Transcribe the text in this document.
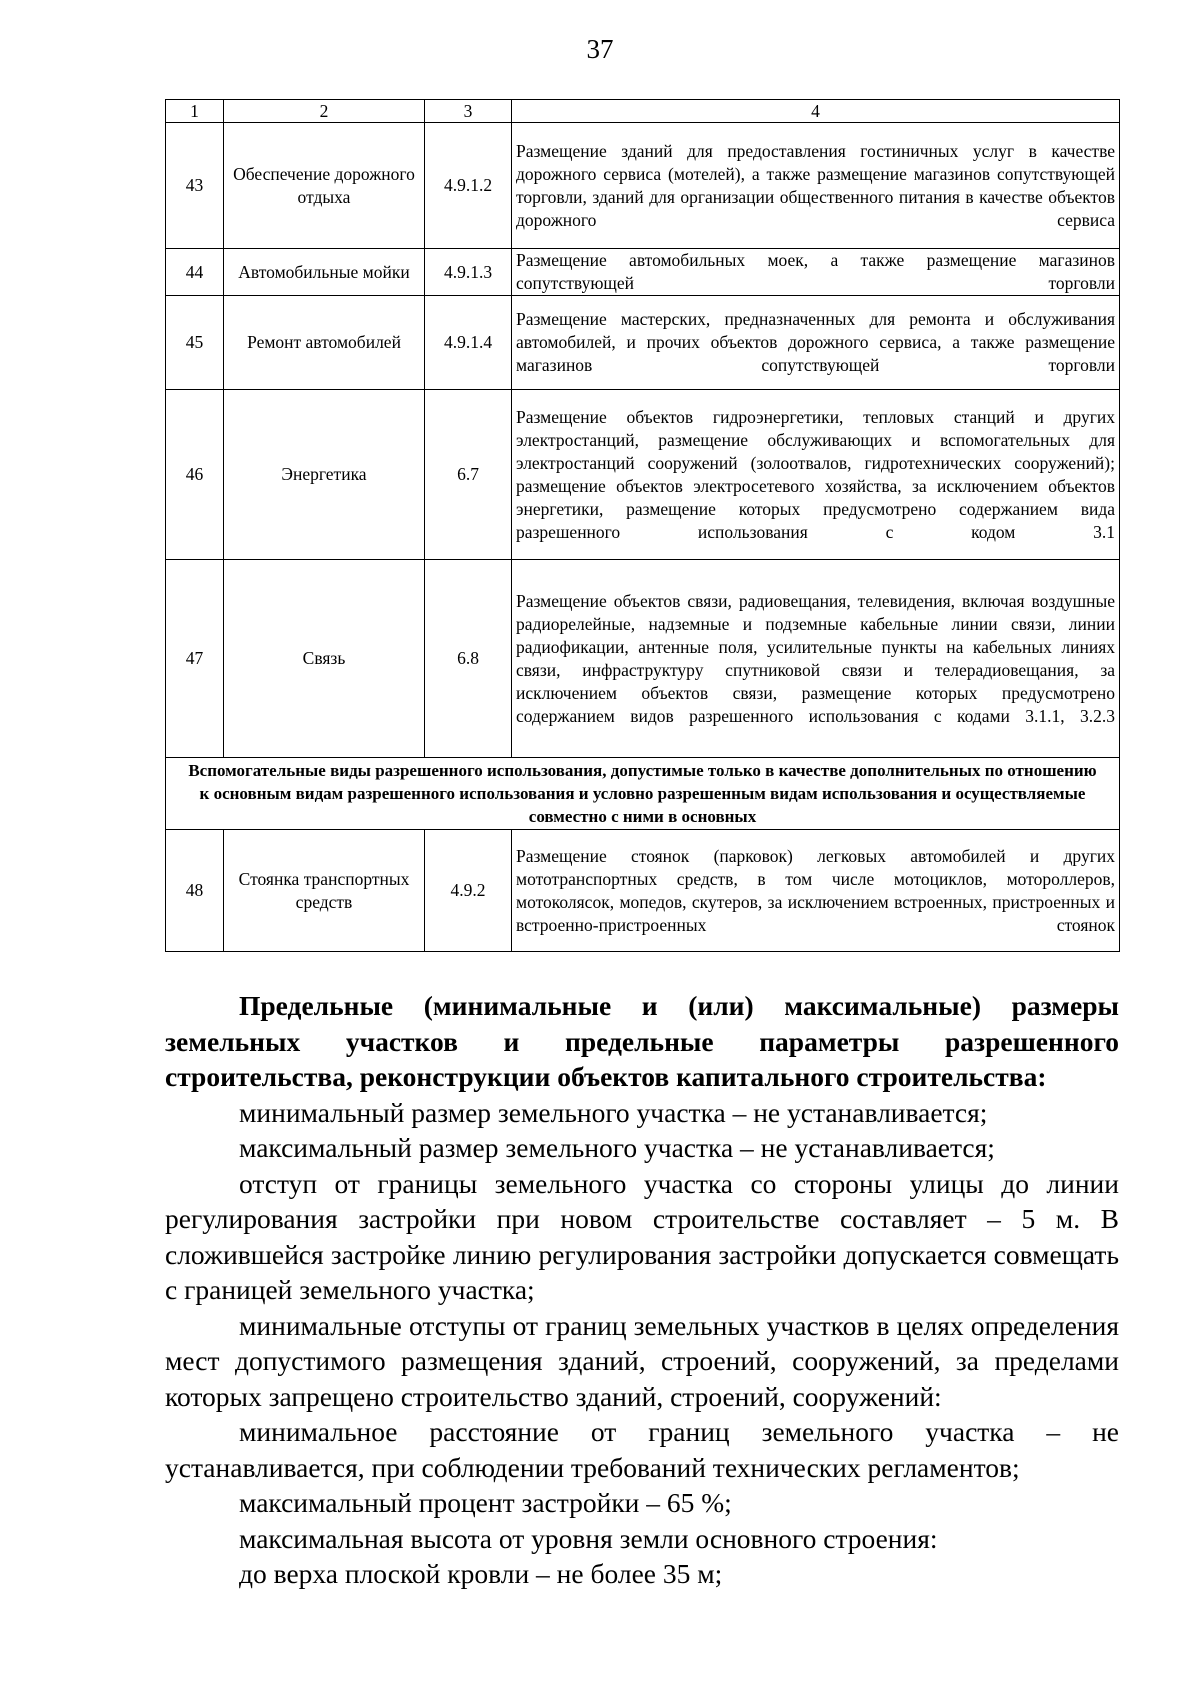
37
1	2	3	4
43	Обеспечение дорожного отдыха	4.9.1.2	Размещение зданий для предоставления гостиничных услуг в качестве дорожного сервиса (мотелей), а также размещение магазинов сопутствующей торговли, зданий для организации общественного питания в качестве объектов дорожного сервиса
44	Автомобильные мойки	4.9.1.3	Размещение автомобильных моек, а также размещение магазинов сопутствующей торговли
45	Ремонт автомобилей	4.9.1.4	Размещение мастерских, предназначенных для ремонта и обслуживания автомобилей, и прочих объектов дорожного сервиса, а также размещение магазинов сопутствующей торговли
46	Энергетика	6.7	Размещение объектов гидроэнергетики, тепловых станций и других электростанций, размещение обслуживающих и вспомогательных для электростанций сооружений (золоотвалов, гидротехнических сооружений); размещение объектов электросетевого хозяйства, за исключением объектов энергетики, размещение которых предусмотрено содержанием вида разрешенного использования с кодом 3.1
47	Связь	6.8	Размещение объектов связи, радиовещания, телевидения, включая воздушные радиорелейные, надземные и подземные кабельные линии связи, линии радиофикации, антенные поля, усилительные пункты на кабельных линиях связи, инфраструктуру спутниковой связи и телерадиовещания, за исключением объектов связи, размещение которых предусмотрено содержанием видов разрешенного использования с кодами 3.1.1, 3.2.3
Вспомогательные виды разрешенного использования, допустимые только в качестве дополнительных по отношению к основным видам разрешенного использования и условно разрешенным видам использования и осуществляемые совместно с ними в основных			
48	Стоянка транспортных средств	4.9.2	Размещение стоянок (парковок) легковых автомобилей и других мототранспортных средств, в том числе мотоциклов, мотороллеров, мотоколясок, мопедов, скутеров, за исключением встроенных, пристроенных и встроенно-пристроенных стоянок

Предельные (минимальные и (или) максимальные) размеры земельных участков и предельные параметры разрешенного строительства, реконструкции объектов капитального строительства:

минимальный размер земельного участка – не устанавливается;

максимальный размер земельного участка – не устанавливается;

отступ от границы земельного участка со стороны улицы до линии регулирования застройки при новом строительстве составляет – 5 м. В сложившейся застройке линию регулирования застройки допускается совмещать с границей земельного участка;

минимальные отступы от границ земельных участков в целях определения мест допустимого размещения зданий, строений, сооружений, за пределами которых запрещено строительство зданий, строений, сооружений:

минимальное расстояние от границ земельного участка – не устанавливается, при соблюдении требований технических регламентов;

максимальный процент застройки – 65 %;

максимальная высота от уровня земли основного строения:

до верха плоской кровли – не более 35 м;
